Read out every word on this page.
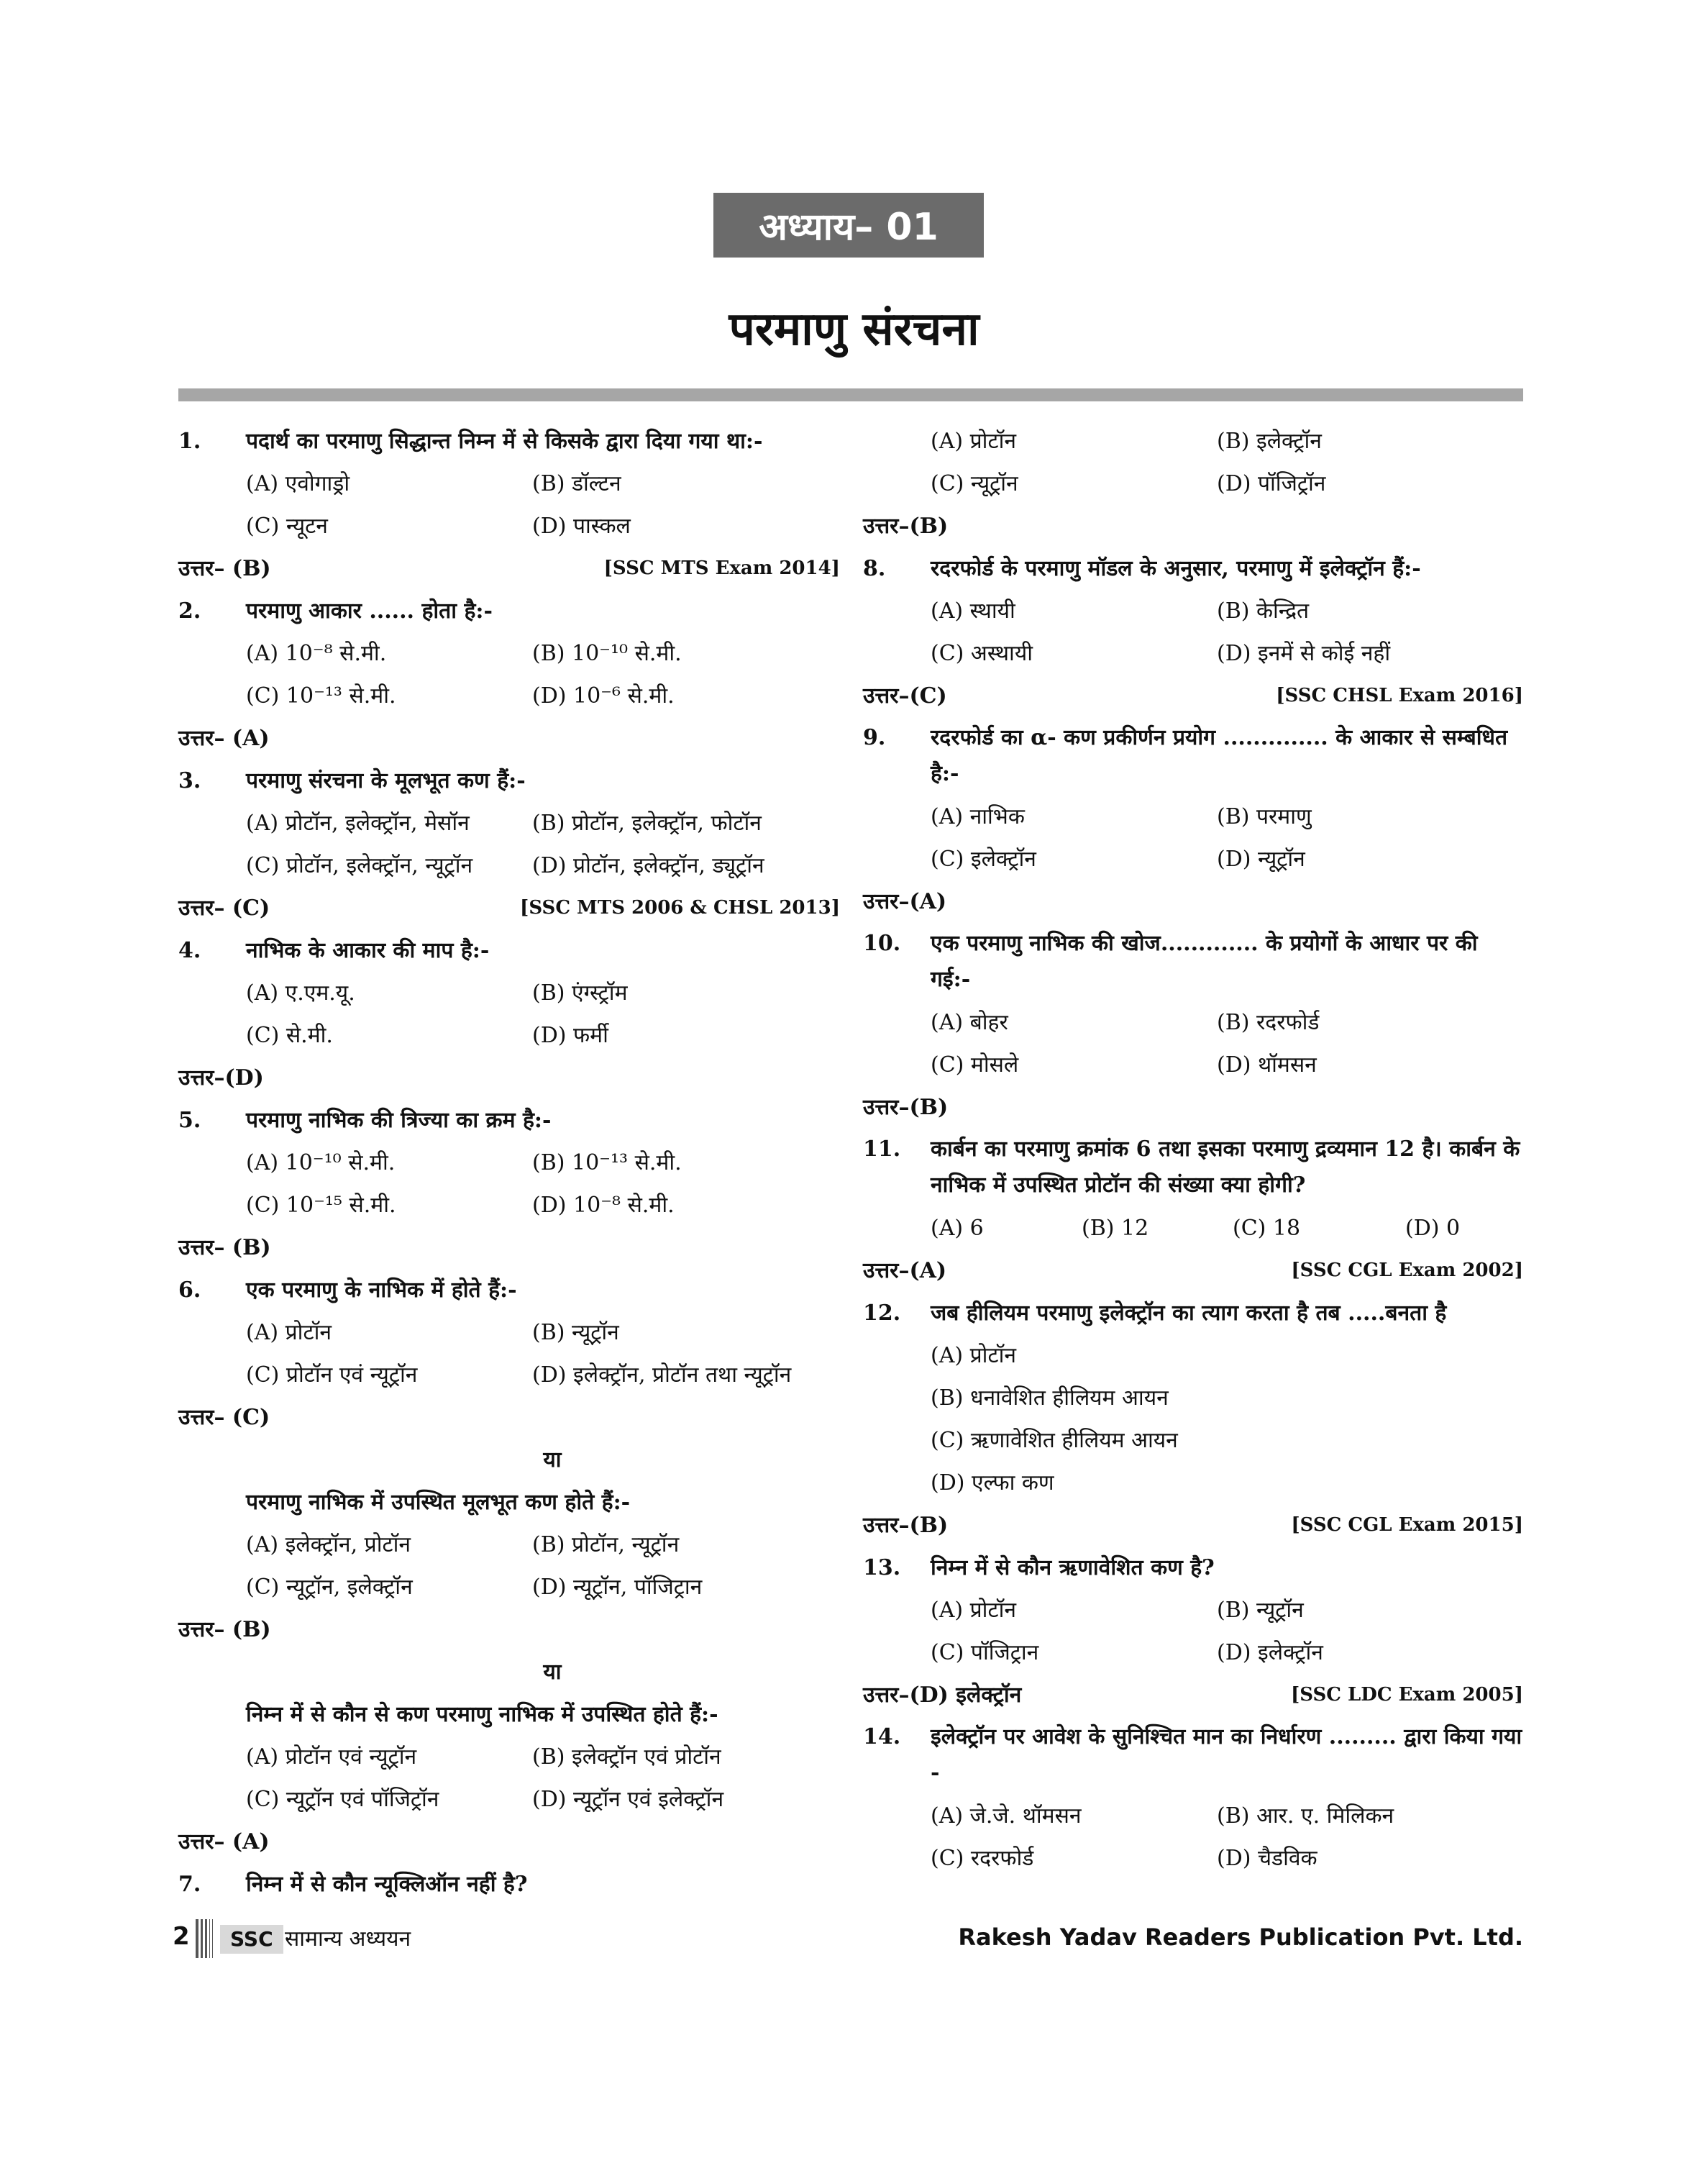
अध्याय– 01
परमाणु संरचना
1.	पदार्थ का परमाणु सिद्धान्त निम्न में से किसके द्वारा दिया गया था:-
(A) एवोगाड्रो	(B) डॉल्टन
(C) न्यूटन	(D) पास्कल
उत्तर– (B)	[SSC MTS Exam 2014]
2.	परमाणु आकार ...... होता है:-
(A) 10⁻⁸ से.मी.	(B) 10⁻¹⁰ से.मी.
(C) 10⁻¹³ से.मी.	(D) 10⁻⁶ से.मी.
उत्तर– (A)
3.	परमाणु संरचना के मूलभूत कण हैं:-
(A) प्रोटॉन, इलेक्ट्रॉन, मेसॉन	(B) प्रोटॉन, इलेक्ट्रॉन, फोटॉन
(C) प्रोटॉन, इलेक्ट्रॉन, न्यूट्रॉन	(D) प्रोटॉन, इलेक्ट्रॉन, ड्यूट्रॉन
उत्तर– (C)	[SSC MTS 2006 & CHSL 2013]
4.	नाभिक के आकार की माप है:-
(A) ए.एम.यू.	(B) एंग्स्ट्रॉम
(C) से.मी.	(D) फर्मी
उत्तर–(D)
5.	परमाणु नाभिक की त्रिज्या का क्रम है:-
(A) 10⁻¹⁰ से.मी.	(B) 10⁻¹³ से.मी.
(C) 10⁻¹⁵ से.मी.	(D) 10⁻⁸ से.मी.
उत्तर– (B)
6.	एक परमाणु के नाभिक में होते हैं:-
(A) प्रोटॉन	(B) न्यूट्रॉन
(C) प्रोटॉन एवं न्यूट्रॉन	(D) इलेक्ट्रॉन, प्रोटॉन तथा न्यूट्रॉन
उत्तर– (C)
या
परमाणु नाभिक में उपस्थित मूलभूत कण होते हैं:-
(A) इलेक्ट्रॉन, प्रोटॉन	(B) प्रोटॉन, न्यूट्रॉन
(C) न्यूट्रॉन, इलेक्ट्रॉन	(D) न्यूट्रॉन, पॉजिट्रान
उत्तर– (B)
या
निम्न में से कौन से कण परमाणु नाभिक में उपस्थित होते हैं:-
(A) प्रोटॉन एवं न्यूट्रॉन	(B) इलेक्ट्रॉन एवं प्रोटॉन
(C) न्यूट्रॉन एवं पॉजिट्रॉन	(D) न्यूट्रॉन एवं इलेक्ट्रॉन
उत्तर– (A)
7.	निम्न में से कौन न्यूक्लिऑन नहीं है?
(A) प्रोटॉन	(B) इलेक्ट्रॉन
(C) न्यूट्रॉन	(D) पॉजिट्रॉन
उत्तर–(B)
8.	रदरफोर्ड के परमाणु मॉडल के अनुसार, परमाणु में इलेक्ट्रॉन हैं:-
(A) स्थायी	(B) केन्द्रित
(C) अस्थायी	(D) इनमें से कोई नहीं
उत्तर–(C)	[SSC CHSL Exam 2016]
9.	रदरफोर्ड का α- कण प्रकीर्णन प्रयोग .............. के आकार से सम्बधित है:-
(A) नाभिक	(B) परमाणु
(C) इलेक्ट्रॉन	(D) न्यूट्रॉन
उत्तर–(A)
10.	एक परमाणु नाभिक की खोज............. के प्रयोगों के आधार पर की गई:-
(A) बोहर	(B) रदरफोर्ड
(C) मोसले	(D) थॉमसन
उत्तर–(B)
11.	कार्बन का परमाणु क्रमांक 6 तथा इसका परमाणु द्रव्यमान 12 है। कार्बन के नाभिक में उपस्थित प्रोटॉन की संख्या क्या होगी?
(A) 6	(B) 12	(C) 18	(D) 0
उत्तर–(A)	[SSC CGL Exam 2002]
12.	जब हीलियम परमाणु इलेक्ट्रॉन का त्याग करता है तब .....बनता है
(A) प्रोटॉन
(B) धनावेशित हीलियम आयन
(C) ऋणावेशित हीलियम आयन
(D) एल्फा कण
उत्तर–(B)	[SSC CGL Exam 2015]
13.	निम्न में से कौन ऋणावेशित कण है?
(A) प्रोटॉन	(B) न्यूट्रॉन
(C) पॉजिट्रान	(D) इलेक्ट्रॉन
उत्तर–(D) इलेक्ट्रॉन	[SSC LDC Exam 2005]
14.	इलेक्ट्रॉन पर आवेश के सुनिश्चित मान का निर्धारण ......... द्वारा किया गया -
(A) जे.जे. थॉमसन	(B) आर. ए. मिलिकन
(C) रदरफोर्ड	(D) चैडविक
2	SSC सामान्य अध्ययन	Rakesh Yadav Readers Publication Pvt. Ltd.
